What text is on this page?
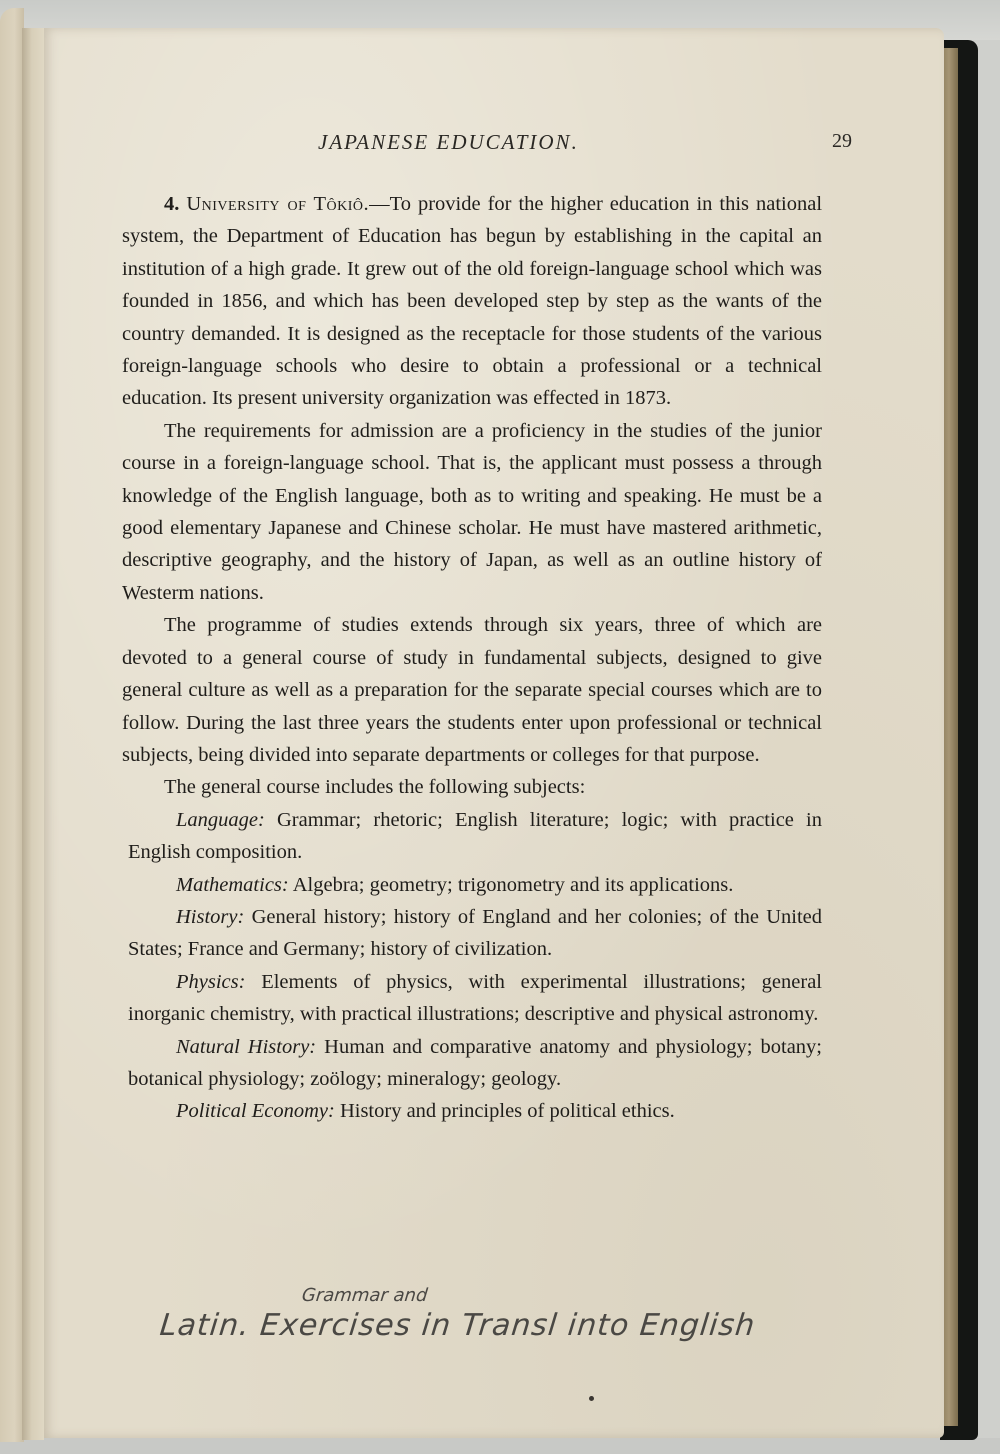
JAPANESE EDUCATION.	29

4. University of Tôkiô.—To provide for the higher education in this national system, the Department of Education has begun by establishing in the capital an institution of a high grade. It grew out of the old foreign-language school which was founded in 1856, and which has been developed step by step as the wants of the country demanded. It is designed as the receptacle for those students of the various foreign-language schools who desire to obtain a professional or a technical education. Its present university organization was effected in 1873.

The requirements for admission are a proficiency in the studies of the junior course in a foreign-language school. That is, the applicant must possess a through knowledge of the English language, both as to writing and speaking. He must be a good elementary Japanese and Chinese scholar. He must have mastered arithmetic, descriptive geography, and the history of Japan, as well as an outline history of Westerm nations.

The programme of studies extends through six years, three of which are devoted to a general course of study in fundamental subjects, designed to give general culture as well as a preparation for the separate special courses which are to follow. During the last three years the students enter upon professional or technical subjects, being divided into separate departments or colleges for that purpose.

The general course includes the following subjects:

Language: Grammar; rhetoric; English literature; logic; with practice in English composition.

Mathematics: Algebra; geometry; trigonometry and its applications.

History: General history; history of England and her colonies; of the United States; France and Germany; history of civilization.

Physics: Elements of physics, with experimental illustrations; general inorganic chemistry, with practical illustrations; descriptive and physical astronomy.

Natural History: Human and comparative anatomy and physiology; botany; botanical physiology; zoölogy; mineralogy; geology.

Political Economy: History and principles of political ethics.

Grammar and
Latin. Exercises in Transl into English
